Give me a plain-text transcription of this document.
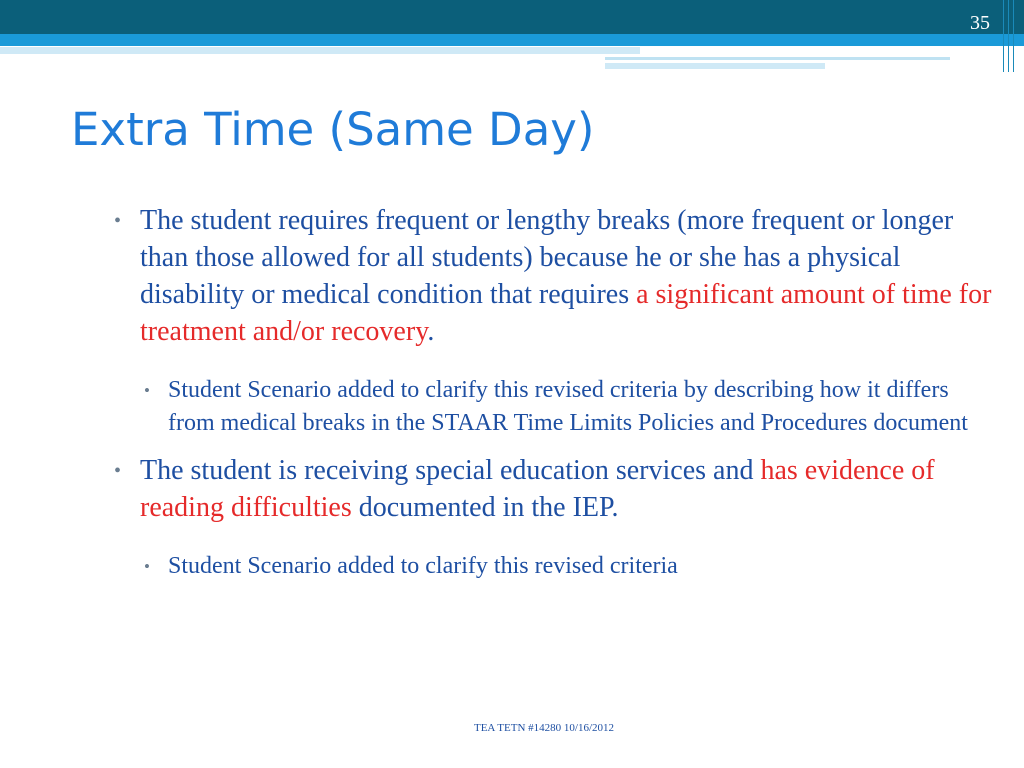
35
Extra Time (Same Day)

• The student requires frequent or lengthy breaks (more frequent or longer than those allowed for all students) because he or she has a physical disability or medical condition that requires a significant amount of time for treatment and/or recovery.

• Student Scenario added to clarify this revised criteria by describing how it differs from medical breaks in the STAAR Time Limits Policies and Procedures document

• The student is receiving special education services and has evidence of reading difficulties documented in the IEP.

• Student Scenario added to clarify this revised criteria

TEA TETN #14280 10/16/2012
